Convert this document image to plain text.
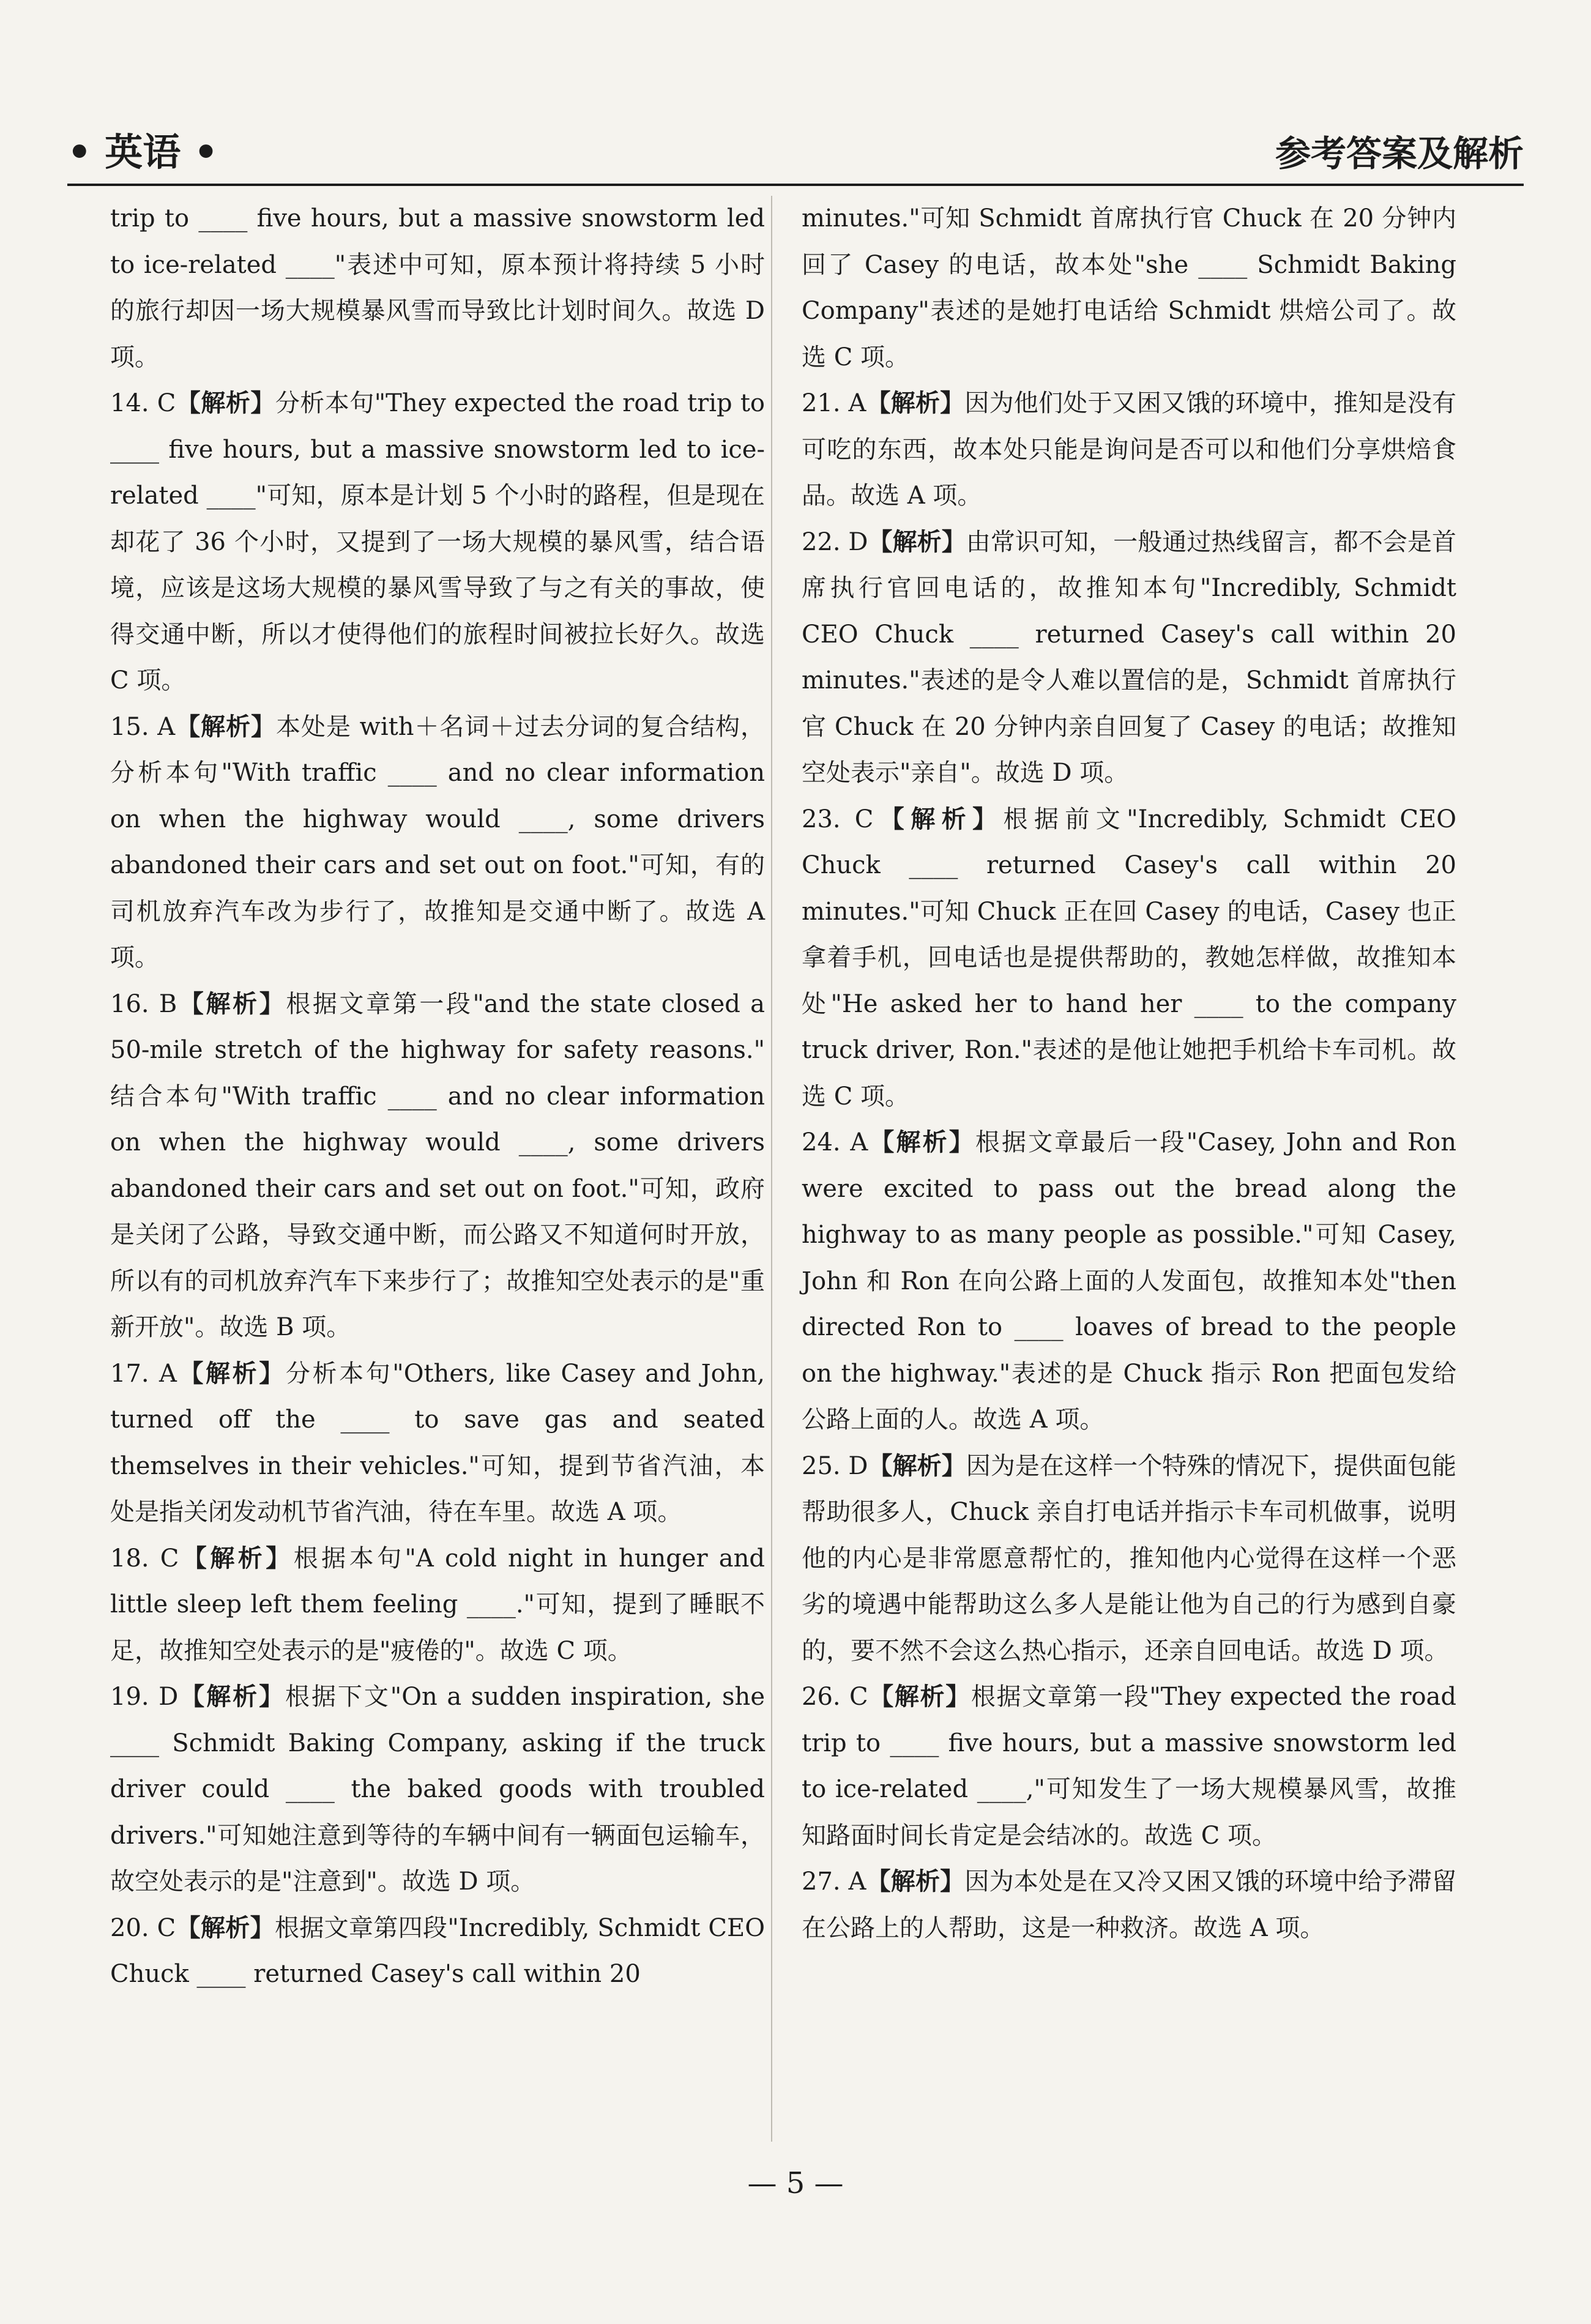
• 英语 •	参考答案及解析

trip to ____ five hours, but a massive snowstorm led to ice-related ____"表述中可知，原本预计将持续 5 小时的旅行却因一场大规模暴风雪而导致比计划时间久。故选 D 项。

14. C【解析】分析本句"They expected the road trip to ____ five hours, but a massive snowstorm led to ice-related ____"可知，原本是计划 5 个小时的路程，但是现在却花了 36 个小时，又提到了一场大规模的暴风雪，结合语境，应该是这场大规模的暴风雪导致了与之有关的事故，使得交通中断，所以才使得他们的旅程时间被拉长好久。故选 C 项。

15. A【解析】本处是 with＋名词＋过去分词的复合结构，分析本句"With traffic ____ and no clear information on when the highway would ____, some drivers abandoned their cars and set out on foot."可知，有的司机放弃汽车改为步行了，故推知是交通中断了。故选 A 项。

16. B【解析】根据文章第一段"and the state closed a 50-mile stretch of the highway for safety reasons." 结合本句"With traffic ____ and no clear information on when the highway would ____, some drivers abandoned their cars and set out on foot."可知，政府是关闭了公路，导致交通中断，而公路又不知道何时开放，所以有的司机放弃汽车下来步行了；故推知空处表示的是"重新开放"。故选 B 项。

17. A【解析】分析本句"Others, like Casey and John, turned off the ____ to save gas and seated themselves in their vehicles."可知，提到节省汽油，本处是指关闭发动机节省汽油，待在车里。故选 A 项。

18. C【解析】根据本句"A cold night in hunger and little sleep left them feeling ____."可知，提到了睡眠不足，故推知空处表示的是"疲倦的"。故选 C 项。

19. D【解析】根据下文"On a sudden inspiration, she ____ Schmidt Baking Company, asking if the truck driver could ____ the baked goods with troubled drivers."可知她注意到等待的车辆中间有一辆面包运输车，故空处表示的是"注意到"。故选 D 项。

20. C【解析】根据文章第四段"Incredibly, Schmidt CEO Chuck ____ returned Casey's call within 20

minutes."可知 Schmidt 首席执行官 Chuck 在 20 分钟内回了 Casey 的电话，故本处"she ____ Schmidt Baking Company"表述的是她打电话给 Schmidt 烘焙公司了。故选 C 项。

21. A【解析】因为他们处于又困又饿的环境中，推知是没有可吃的东西，故本处只能是询问是否可以和他们分享烘焙食品。故选 A 项。

22. D【解析】由常识可知，一般通过热线留言，都不会是首席执行官回电话的，故推知本句"Incredibly, Schmidt CEO Chuck ____ returned Casey's call within 20 minutes."表述的是令人难以置信的是，Schmidt 首席执行官 Chuck 在 20 分钟内亲自回复了 Casey 的电话；故推知空处表示"亲自"。故选 D 项。

23. C【解析】根据前文"Incredibly, Schmidt CEO Chuck ____ returned Casey's call within 20 minutes."可知 Chuck 正在回 Casey 的电话，Casey 也正拿着手机，回电话也是提供帮助的，教她怎样做，故推知本处"He asked her to hand her ____ to the company truck driver, Ron."表述的是他让她把手机给卡车司机。故选 C 项。

24. A【解析】根据文章最后一段"Casey, John and Ron were excited to pass out the bread along the highway to as many people as possible."可知 Casey, John 和 Ron 在向公路上面的人发面包，故推知本处"then directed Ron to ____ loaves of bread to the people on the highway."表述的是 Chuck 指示 Ron 把面包发给公路上面的人。故选 A 项。

25. D【解析】因为是在这样一个特殊的情况下，提供面包能帮助很多人，Chuck 亲自打电话并指示卡车司机做事，说明他的内心是非常愿意帮忙的，推知他内心觉得在这样一个恶劣的境遇中能帮助这么多人是能让他为自己的行为感到自豪的，要不然不会这么热心指示，还亲自回电话。故选 D 项。

26. C【解析】根据文章第一段"They expected the road trip to ____ five hours, but a massive snowstorm led to ice-related ____,"可知发生了一场大规模暴风雪，故推知路面时间长肯定是会结冰的。故选 C 项。

27. A【解析】因为本处是在又冷又困又饿的环境中给予滞留在公路上的人帮助，这是一种救济。故选 A 项。

— 5 —
